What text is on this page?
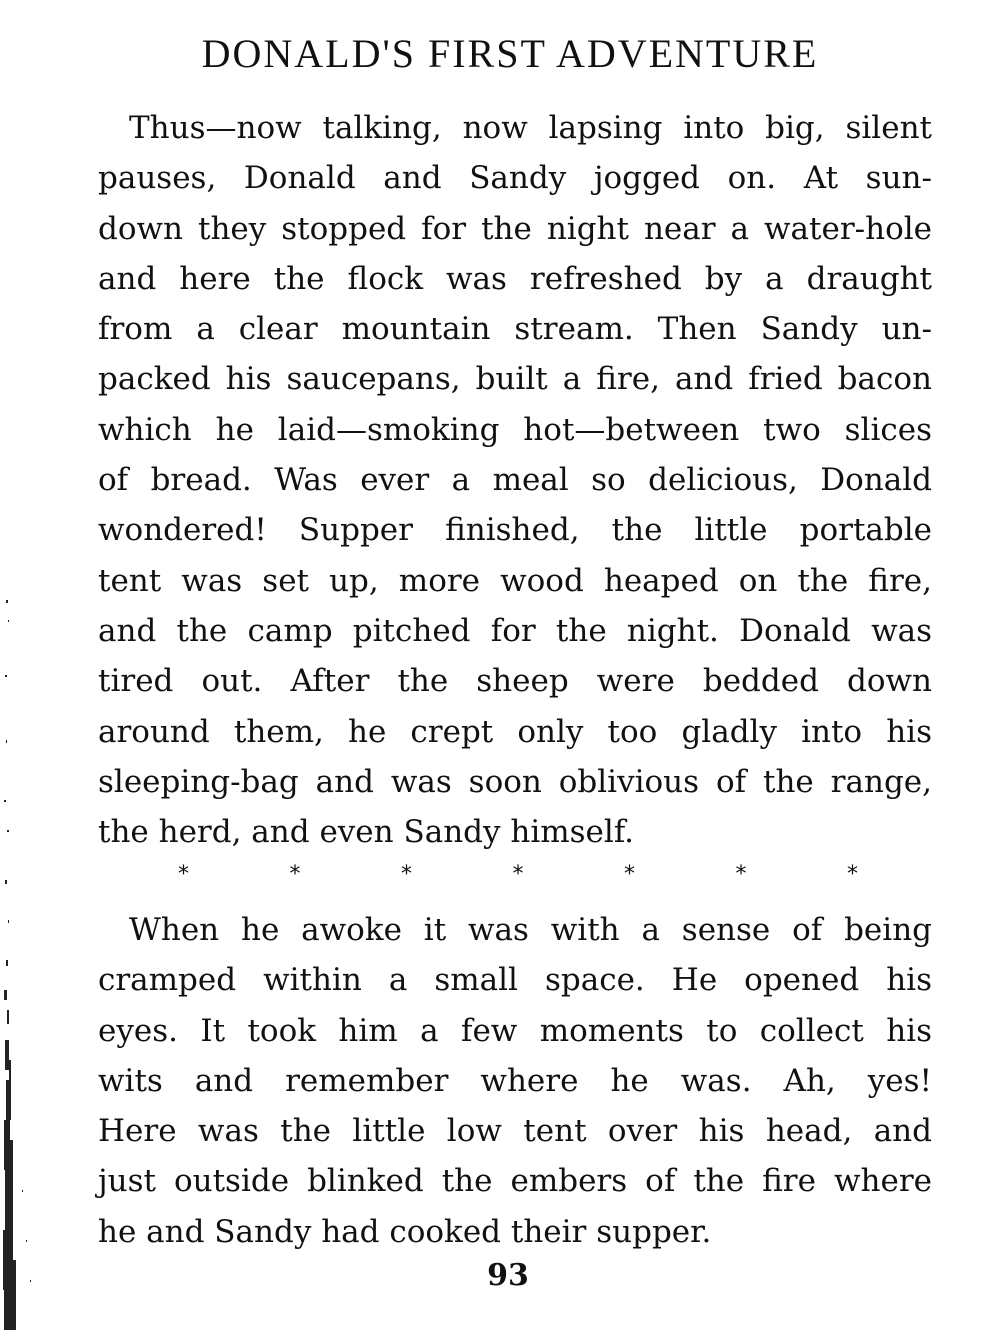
DONALD'S FIRST ADVENTURE
 Thus—now talking, now lapsing into big, silent
pauses, Donald and Sandy jogged on. At sun-
down they stopped for the night near a water-hole
and here the flock was refreshed by a draught
from a clear mountain stream. Then Sandy un-
packed his saucepans, built a fire, and fried bacon
which he laid—smoking hot—between two slices
of bread. Was ever a meal so delicious, Donald
wondered! Supper finished, the little portable
tent was set up, more wood heaped on the fire,
and the camp pitched for the night. Donald was
tired out. After the sheep were bedded down
around them, he crept only too gladly into his
sleeping-bag and was soon oblivious of the range,
the herd, and even Sandy himself.
*	*	*	*	*	*	*
 When he awoke it was with a sense of being
cramped within a small space. He opened his
eyes. It took him a few moments to collect his
wits and remember where he was. Ah, yes!
Here was the little low tent over his head, and
just outside blinked the embers of the fire where
he and Sandy had cooked their supper.
93
